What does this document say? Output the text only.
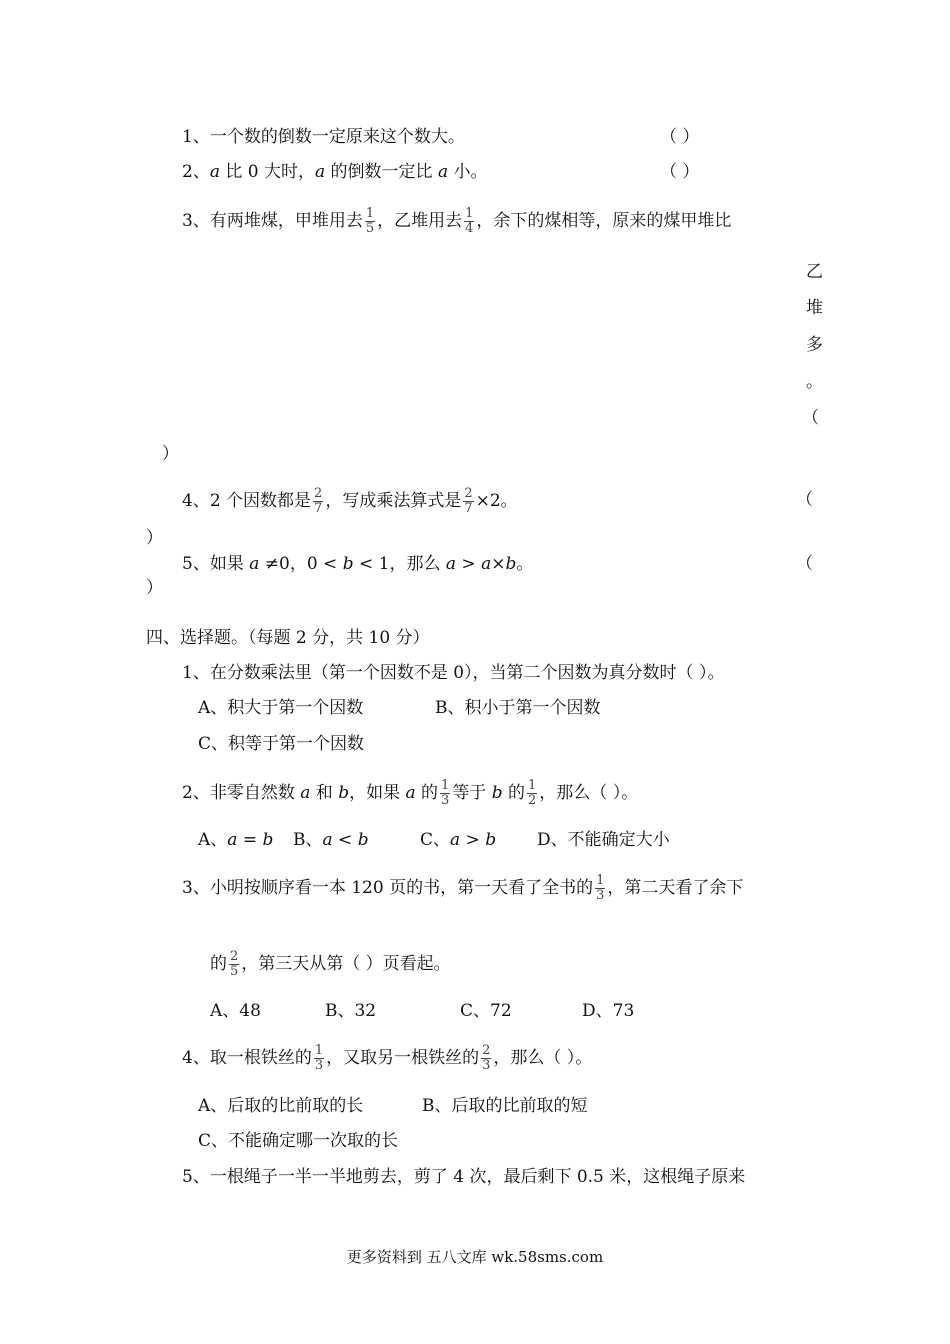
1、一个数的倒数一定原来这个数大。	（ ）
2、a 比 0 大时，a 的倒数一定比 a 小。	（ ）
3、有两堆煤，甲堆用去 $\frac{1}{5}$ ，乙堆用去 $\frac{1}{4}$ ，余下的煤相等，原来的煤甲堆比
乙
堆
多
。
（
）
4、2 个因数都是 $\frac{2}{7}$ ，写成乘法算式是 $\frac{2}{7} \times 2$。	（
）
5、如果 a ≠0，0 < b < 1，那么 a > a×b。	（
）
四、选择题。（每题 2 分，共 10 分）
1、在分数乘法里（第一个因数不是 0），当第二个因数为真分数时（ ）。
A、积大于第一个因数	B、积小于第一个因数
C、积等于第一个因数
2、非零自然数 a 和 b，如果 a 的 $\frac{1}{3}$ 等于 b 的 $\frac{1}{2}$ ，那么（ ）。
A、a = b B、a < b	C、a > b D、不能确定大小
3、小明按顺序看一本 120 页的书，第一天看了全书的 $\frac{1}{3}$ ，第二天看了余下
的 $\frac{2}{5}$ ，第三天从第（ ）页看起。
A、48	B、32	C、72	D、73
4、取一根铁丝的 $\frac{1}{3}$ ，又取另一根铁丝的 $\frac{2}{3}$ ，那么（ ）。
A、后取的比前取的长	B、后取的比前取的短
C、不能确定哪一次取的长
5、一根绳子一半一半地剪去，剪了 4 次，最后剩下 0.5 米，这根绳子原来
更多资料到 五八文库 wk.58sms.com
